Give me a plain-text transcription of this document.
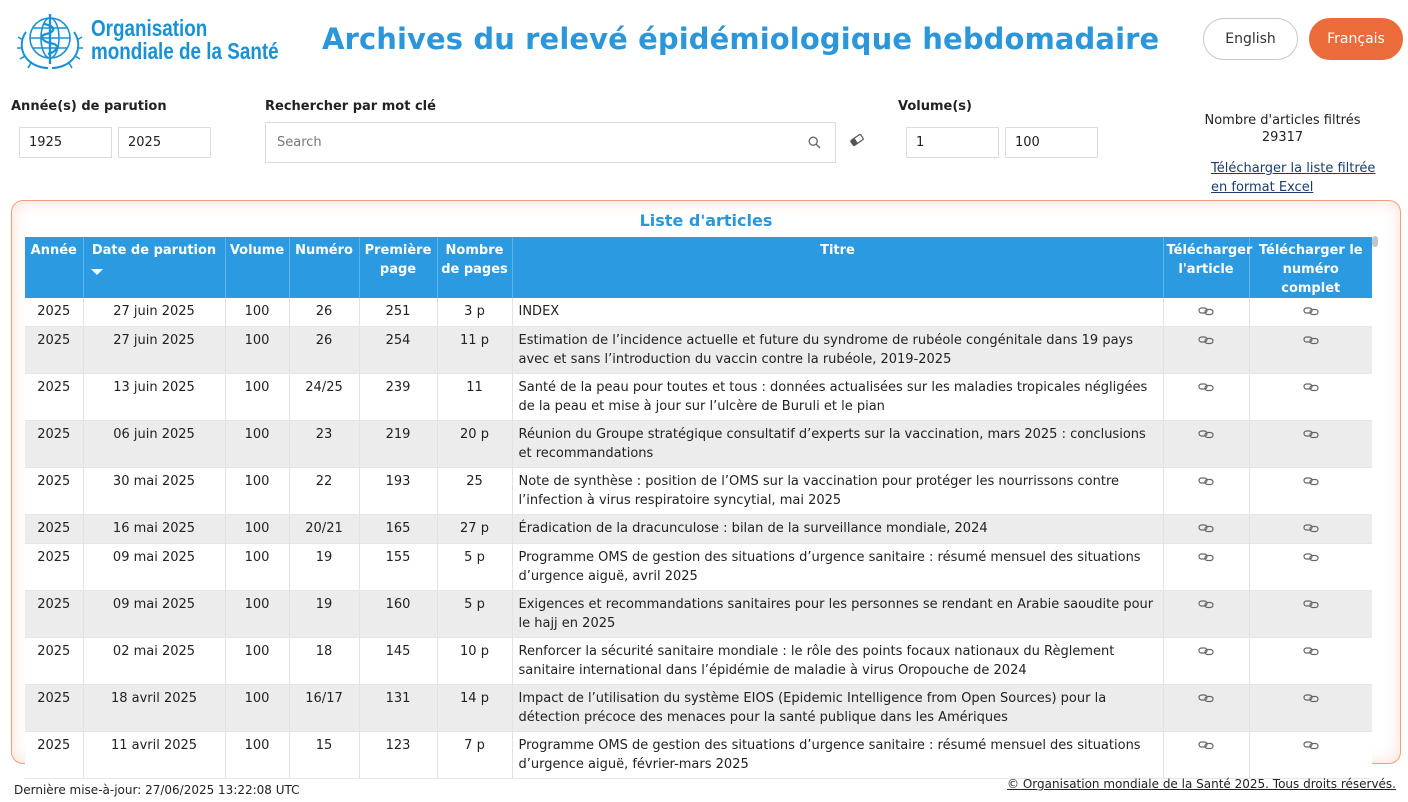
Organisation
mondiale de la Santé Archives du relevé épidémiologique hebdomadaire	English	Français
Année(s) de parution
1925
2025	Rechercher par mot clé
Search	Volume(s)
1
100
Nombre d'articles filtrés
29317
Télécharger la liste filtrée
en format Excel
Liste d'articles
Année	Date de parution	Volume	Numéro	Première page	Nombre de pages	Titre	Télécharger l'article	Télécharger le numéro complet
2025	27 juin 2025	100	26	251	3 p	INDEX		
2025	27 juin 2025	100	26	254	11 p	Estimation de l’incidence actuelle et future du syndrome de rubéole congénitale dans 19 pays avec et sans l’introduction du vaccin contre la rubéole, 2019-2025		
2025	13 juin 2025	100	24/25	239	11	Santé de la peau pour toutes et tous : données actualisées sur les maladies tropicales négligées de la peau et mise à jour sur l’ulcère de Buruli et le pian		
2025	06 juin 2025	100	23	219	20 p	Réunion du Groupe stratégique consultatif d’experts sur la vaccination, mars 2025 : conclusions et recommandations		
2025	30 mai 2025	100	22	193	25	Note de synthèse : position de l’OMS sur la vaccination pour protéger les nourrissons contre l’infection à virus respiratoire syncytial, mai 2025		
2025	16 mai 2025	100	20/21	165	27 p	Éradication de la dracunculose : bilan de la surveillance mondiale, 2024		
2025	09 mai 2025	100	19	155	5 p	Programme OMS de gestion des situations d’urgence sanitaire : résumé mensuel des situations d’urgence aiguë, avril 2025		
2025	09 mai 2025	100	19	160	5 p	Exigences et recommandations sanitaires pour les personnes se rendant en Arabie saoudite pour le hajj en 2025		
2025	02 mai 2025	100	18	145	10 p	Renforcer la sécurité sanitaire mondiale : le rôle des points focaux nationaux du Règlement sanitaire international dans l’épidémie de maladie à virus Oropouche de 2024		
2025	18 avril 2025	100	16/17	131	14 p	Impact de l’utilisation du système EIOS (Epidemic Intelligence from Open Sources) pour la détection précoce des menaces pour la santé publique dans les Amériques		
2025	11 avril 2025	100	15	123	7 p	Programme OMS de gestion des situations d’urgence sanitaire : résumé mensuel des situations d’urgence aiguë, février-mars 2025		
Dernière mise-à-jour: 27/06/2025 13:22:08 UTC	© Organisation mondiale de la Santé 2025. Tous droits réservés.
